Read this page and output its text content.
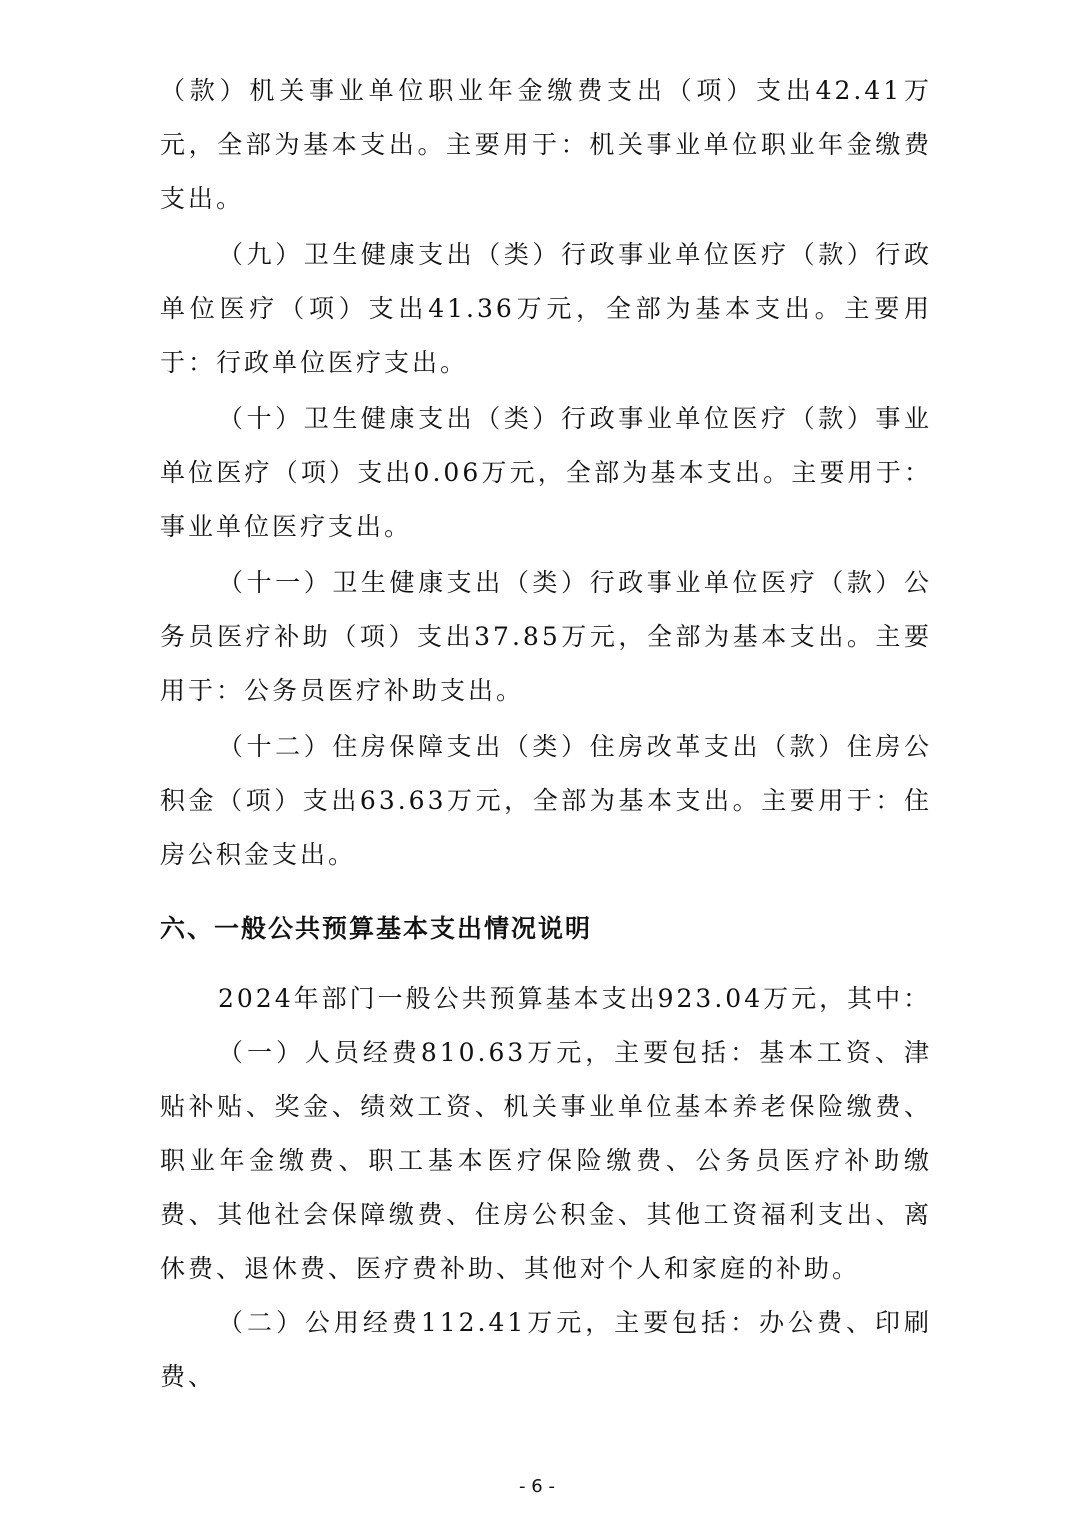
（款）机关事业单位职业年金缴费支出（项）支出42.41万元，全部为基本支出。主要用于：机关事业单位职业年金缴费支出。

（九）卫生健康支出（类）行政事业单位医疗（款）行政单位医疗（项）支出41.36万元，全部为基本支出。主要用于：行政单位医疗支出。

（十）卫生健康支出（类）行政事业单位医疗（款）事业单位医疗（项）支出0.06万元，全部为基本支出。主要用于：事业单位医疗支出。

（十一）卫生健康支出（类）行政事业单位医疗（款）公务员医疗补助（项）支出37.85万元，全部为基本支出。主要用于：公务员医疗补助支出。

（十二）住房保障支出（类）住房改革支出（款）住房公积金（项）支出63.63万元，全部为基本支出。主要用于：住房公积金支出。

六、一般公共预算基本支出情况说明

2024年部门一般公共预算基本支出923.04万元，其中：

（一）人员经费810.63万元，主要包括：基本工资、津贴补贴、奖金、绩效工资、机关事业单位基本养老保险缴费、职业年金缴费、职工基本医疗保险缴费、公务员医疗补助缴费、其他社会保障缴费、住房公积金、其他工资福利支出、离休费、退休费、医疗费补助、其他对个人和家庭的补助。

（二）公用经费112.41万元，主要包括：办公费、印刷费、

- 6 -
